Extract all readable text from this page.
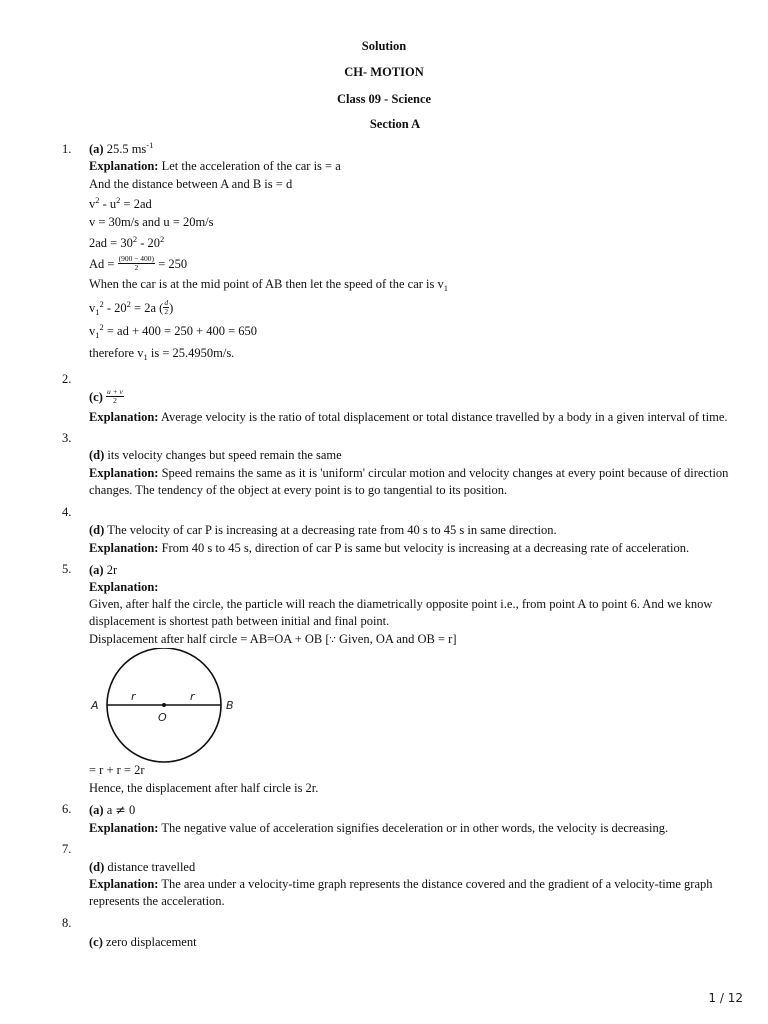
Solution
CH- MOTION
Class 09 - Science
Section A
1. (a) 25.5 $ms^{-1}$
Explanation: Let the acceleration of the car is = a
And the distance between A and B is = d
$v^2 - u^2 = 2ad$
v = 30m/s and u = 20m/s
$2ad = 30^2 - 20^2$
$Ad = \frac{(900 - 400)}{2} = 250$
When the car is at the mid point of AB then let the speed of the car is $v_1$
$v_1^2 - 20^2 = 2a$ ( $\frac{d}{2}$ )
$v_1^2$ = ad + 400 = 250 + 400 = 650
therefore $v_1$ is = 25.4950m/s.
2.
$(c) \frac{u + v}{2}$
Explanation: Average velocity is the ratio of total displacement or total distance travelled by a body in a given interval of time.
3.
(d) its velocity changes but speed remain the same
Explanation: Speed remains the same as it is 'uniform' circular motion and velocity changes at every point because of direction
changes. The tendency of the object at every point is to go tangential to its position.
4.
(d) The velocity of car P is increasing at a decreasing rate from 40 s to 45 s in same direction.
Explanation: From 40 s to 45 s, direction of car P is same but velocity is increasing at a decreasing rate of acceleration.
5. (a) 2r
Explanation:
Given, after half the circle, the particle will reach the diametrically opposite point i.e., from point A to point 6. And we know
displacement is shortest path between initial and final point.
Displacement after half circle = AB=OA + OB [∵ Given, OA and OB = r]
A	B
O
r	r
= r + r = 2r
Hence, the displacement after half circle is 2r.
6. (a) a ≠ 0
Explanation: The negative value of acceleration signifies deceleration or in other words, the velocity is decreasing.
7.
(d) distance travelled
Explanation: The area under a velocity-time graph represents the distance covered and the gradient of a velocity-time graph
represents the acceleration.
8.
(c) zero displacement
1 / 12
